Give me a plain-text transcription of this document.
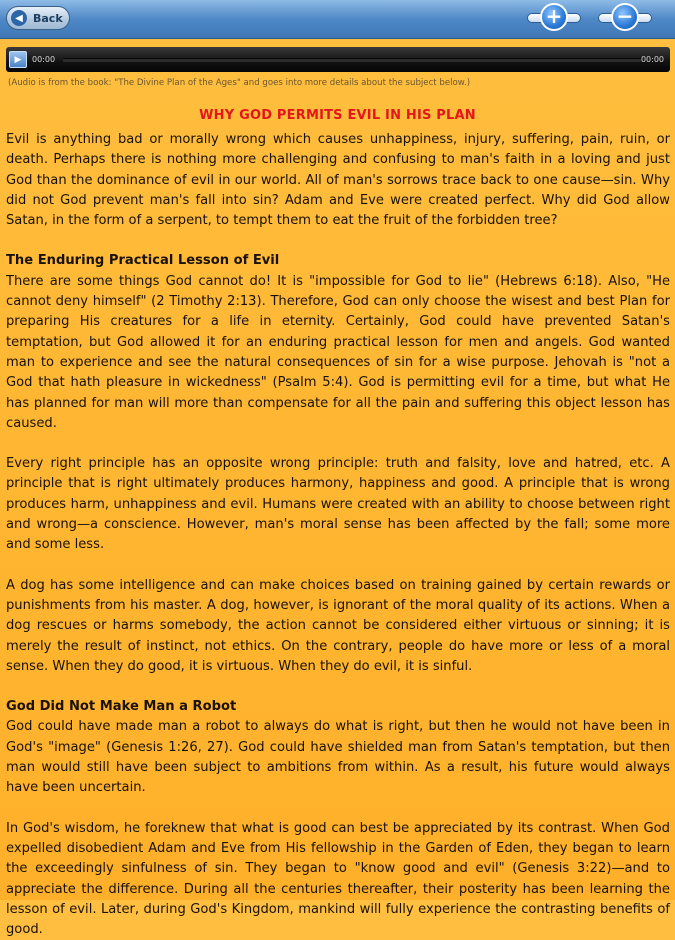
◀ Back	+	−
▶	00:00	00:00
(Audio is from the book: "The Divine Plan of the Ages" and goes into more details about the subject below.)
WHY GOD PERMITS EVIL IN HIS PLAN

Evil is anything bad or morally wrong which causes unhappiness, injury, suffering, pain, ruin, or death. Perhaps there is nothing more challenging and confusing to man's faith in a loving and just God than the dominance of evil in our world. All of man's sorrows trace back to one cause—sin. Why did not God prevent man's fall into sin? Adam and Eve were created perfect. Why did God allow Satan, in the form of a serpent, to tempt them to eat the fruit of the forbidden tree?

The Enduring Practical Lesson of Evil

There are some things God cannot do! It is "impossible for God to lie" (Hebrews 6:18). Also, "He cannot deny himself" (2 Timothy 2:13). Therefore, God can only choose the wisest and best Plan for preparing His creatures for a life in eternity. Certainly, God could have prevented Satan's temptation, but God allowed it for an enduring practical lesson for men and angels. God wanted man to experience and see the natural consequences of sin for a wise purpose. Jehovah is "not a God that hath pleasure in wickedness" (Psalm 5:4). God is permitting evil for a time, but what He has planned for man will more than compensate for all the pain and suffering this object lesson has caused.

Every right principle has an opposite wrong principle: truth and falsity, love and hatred, etc. A principle that is right ultimately produces harmony, happiness and good. A principle that is wrong produces harm, unhappiness and evil. Humans were created with an ability to choose between right and wrong—a conscience. However, man's moral sense has been affected by the fall; some more and some less.

A dog has some intelligence and can make choices based on training gained by certain rewards or punishments from his master. A dog, however, is ignorant of the moral quality of its actions. When a dog rescues or harms somebody, the action cannot be considered either virtuous or sinning; it is merely the result of instinct, not ethics. On the contrary, people do have more or less of a moral sense. When they do good, it is virtuous. When they do evil, it is sinful.

God Did Not Make Man a Robot

God could have made man a robot to always do what is right, but then he would not have been in God's "image" (Genesis 1:26, 27). God could have shielded man from Satan's temptation, but then man would still have been subject to ambitions from within. As a result, his future would always have been uncertain.

In God's wisdom, he foreknew that what is good can best be appreciated by its contrast. When God expelled disobedient Adam and Eve from His fellowship in the Garden of Eden, they began to learn the exceedingly sinfulness of sin. They began to "know good and evil" (Genesis 3:22)—and to appreciate the difference. During all the centuries thereafter, their posterity has been learning the lesson of evil. Later, during God's Kingdom, mankind will fully experience the contrasting benefits of good.
